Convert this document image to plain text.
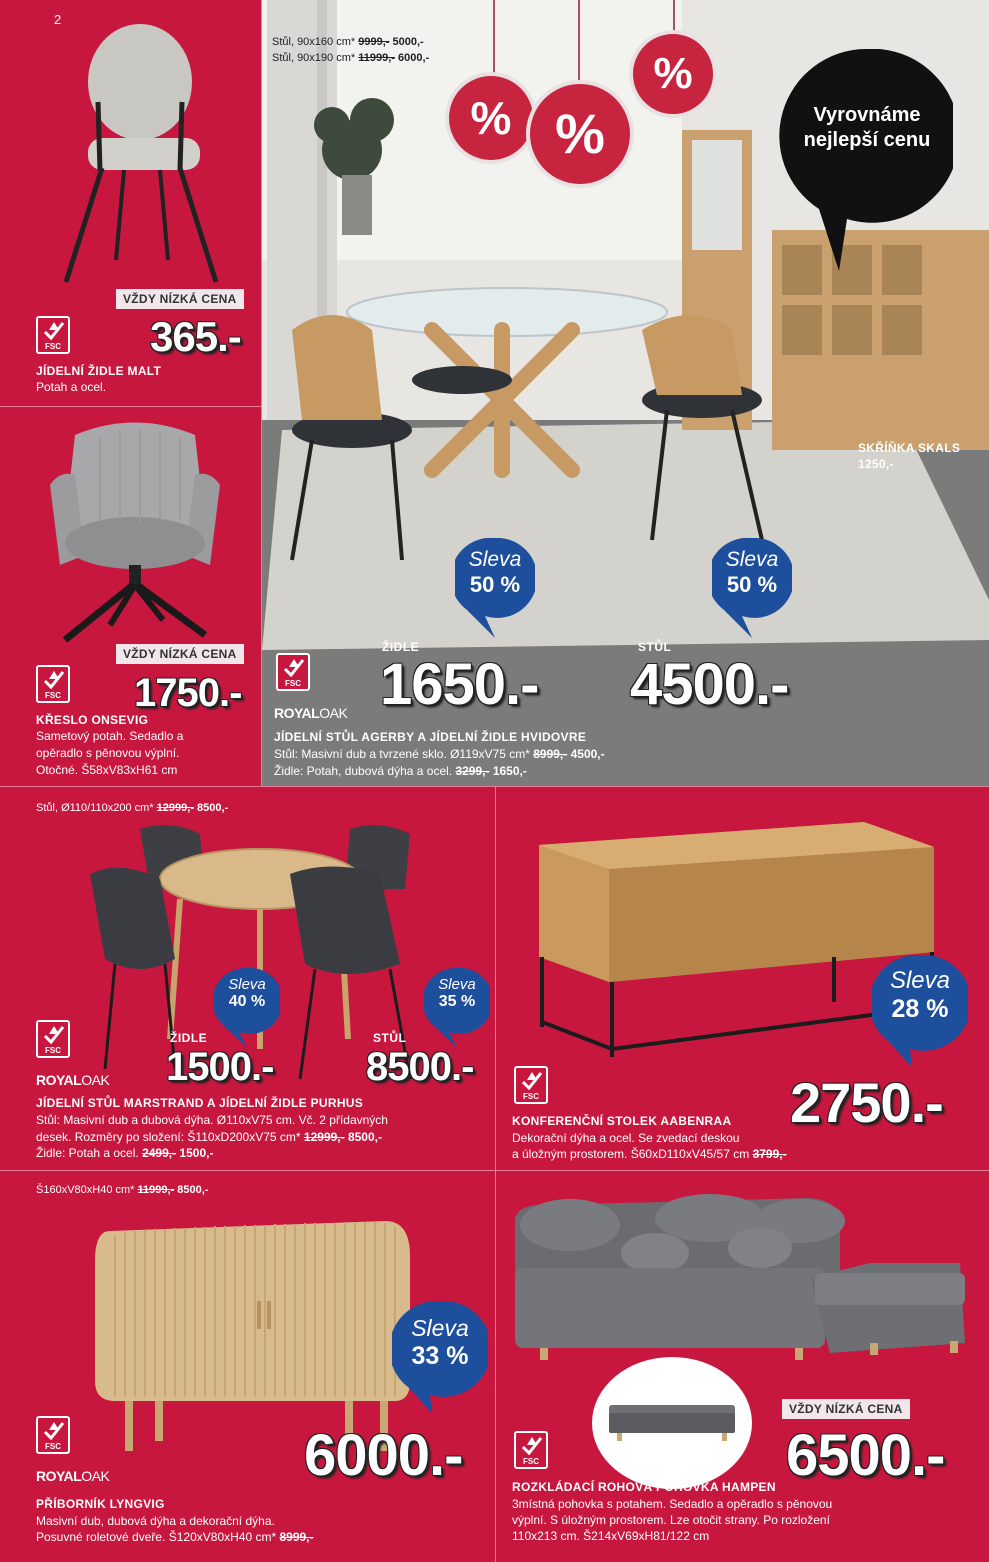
2
VŽDY NÍZKÁ CENA
FSC 365.-
JÍDELNÍ ŽIDLE MALT
Potah a ocel.
VŽDY NÍZKÁ CENA
FSC 1750.-
KŘESLO ONSEVIG
Sametový potah. Sedadlo a
opěradlo s pěnovou výplní.
Otočné. Š58xV83xH61 cm
Stůl, 90x160 cm* 9999,- 5000,-
Stůl, 90x190 cm* 11999,- 6000,-
% %
%
Vyrovnáme nejlepší cenu
SKŘÍŇKA SKALS
1250,-
Sleva
50 %
Sleva
50 %
FSC
ROYALOAK
ŽIDLE
1650.-
STŮL
4500.-
JÍDELNÍ STŮL AGERBY A JÍDELNÍ ŽIDLE HVIDOVRE
Stůl: Masivní dub a tvrzené sklo. Ø119xV75 cm* 8999,- 4500,-
Židle: Potah, dubová dýha a ocel. 3299,- 1650,-
Stůl, Ø110/110x200 cm* 12999,- 8500,-
Sleva
40 %
Sleva
35 %
FSC
ROYALOAK
ŽIDLE
1500.-
STŮL
8500.-
JÍDELNÍ STŮL MARSTRAND A JÍDELNÍ ŽIDLE PURHUS
Stůl: Masivní dub a dubová dýha. Ø110xV75 cm. Vč. 2 přídavných
desek. Rozměry po složení: Š110xD200xV75 cm* 12999,- 8500,-
Židle: Potah a ocel. 2499,- 1500,-
Sleva
28 %
FSC	2750.-
KONFERENČNÍ STOLEK AABENRAA
Dekorační dýha a ocel. Se zvedací deskou
a úložným prostorem. Š60xD110xV45/57 cm 3799,-
Š160xV80xH40 cm* 11999,- 8500,-
Sleva
33 %
FSC
ROYALOAK	6000.-
PŘÍBORNÍK LYNGVIG
Masivní dub, dubová dýha a dekorační dýha.
Posuvné roletové dveře. Š120xV80xH40 cm* 8999,-
VŽDY NÍZKÁ CENA
FSC	6500.-
ROZKLÁDACÍ ROHOVÁ POHOVKA HAMPEN
3místná pohovka s potahem. Sedadlo a opěradlo s pěnovou
výplní. S úložným prostorem. Lze otočit strany. Po rozložení
110x213 cm. Š214xV69xH81/122 cm
